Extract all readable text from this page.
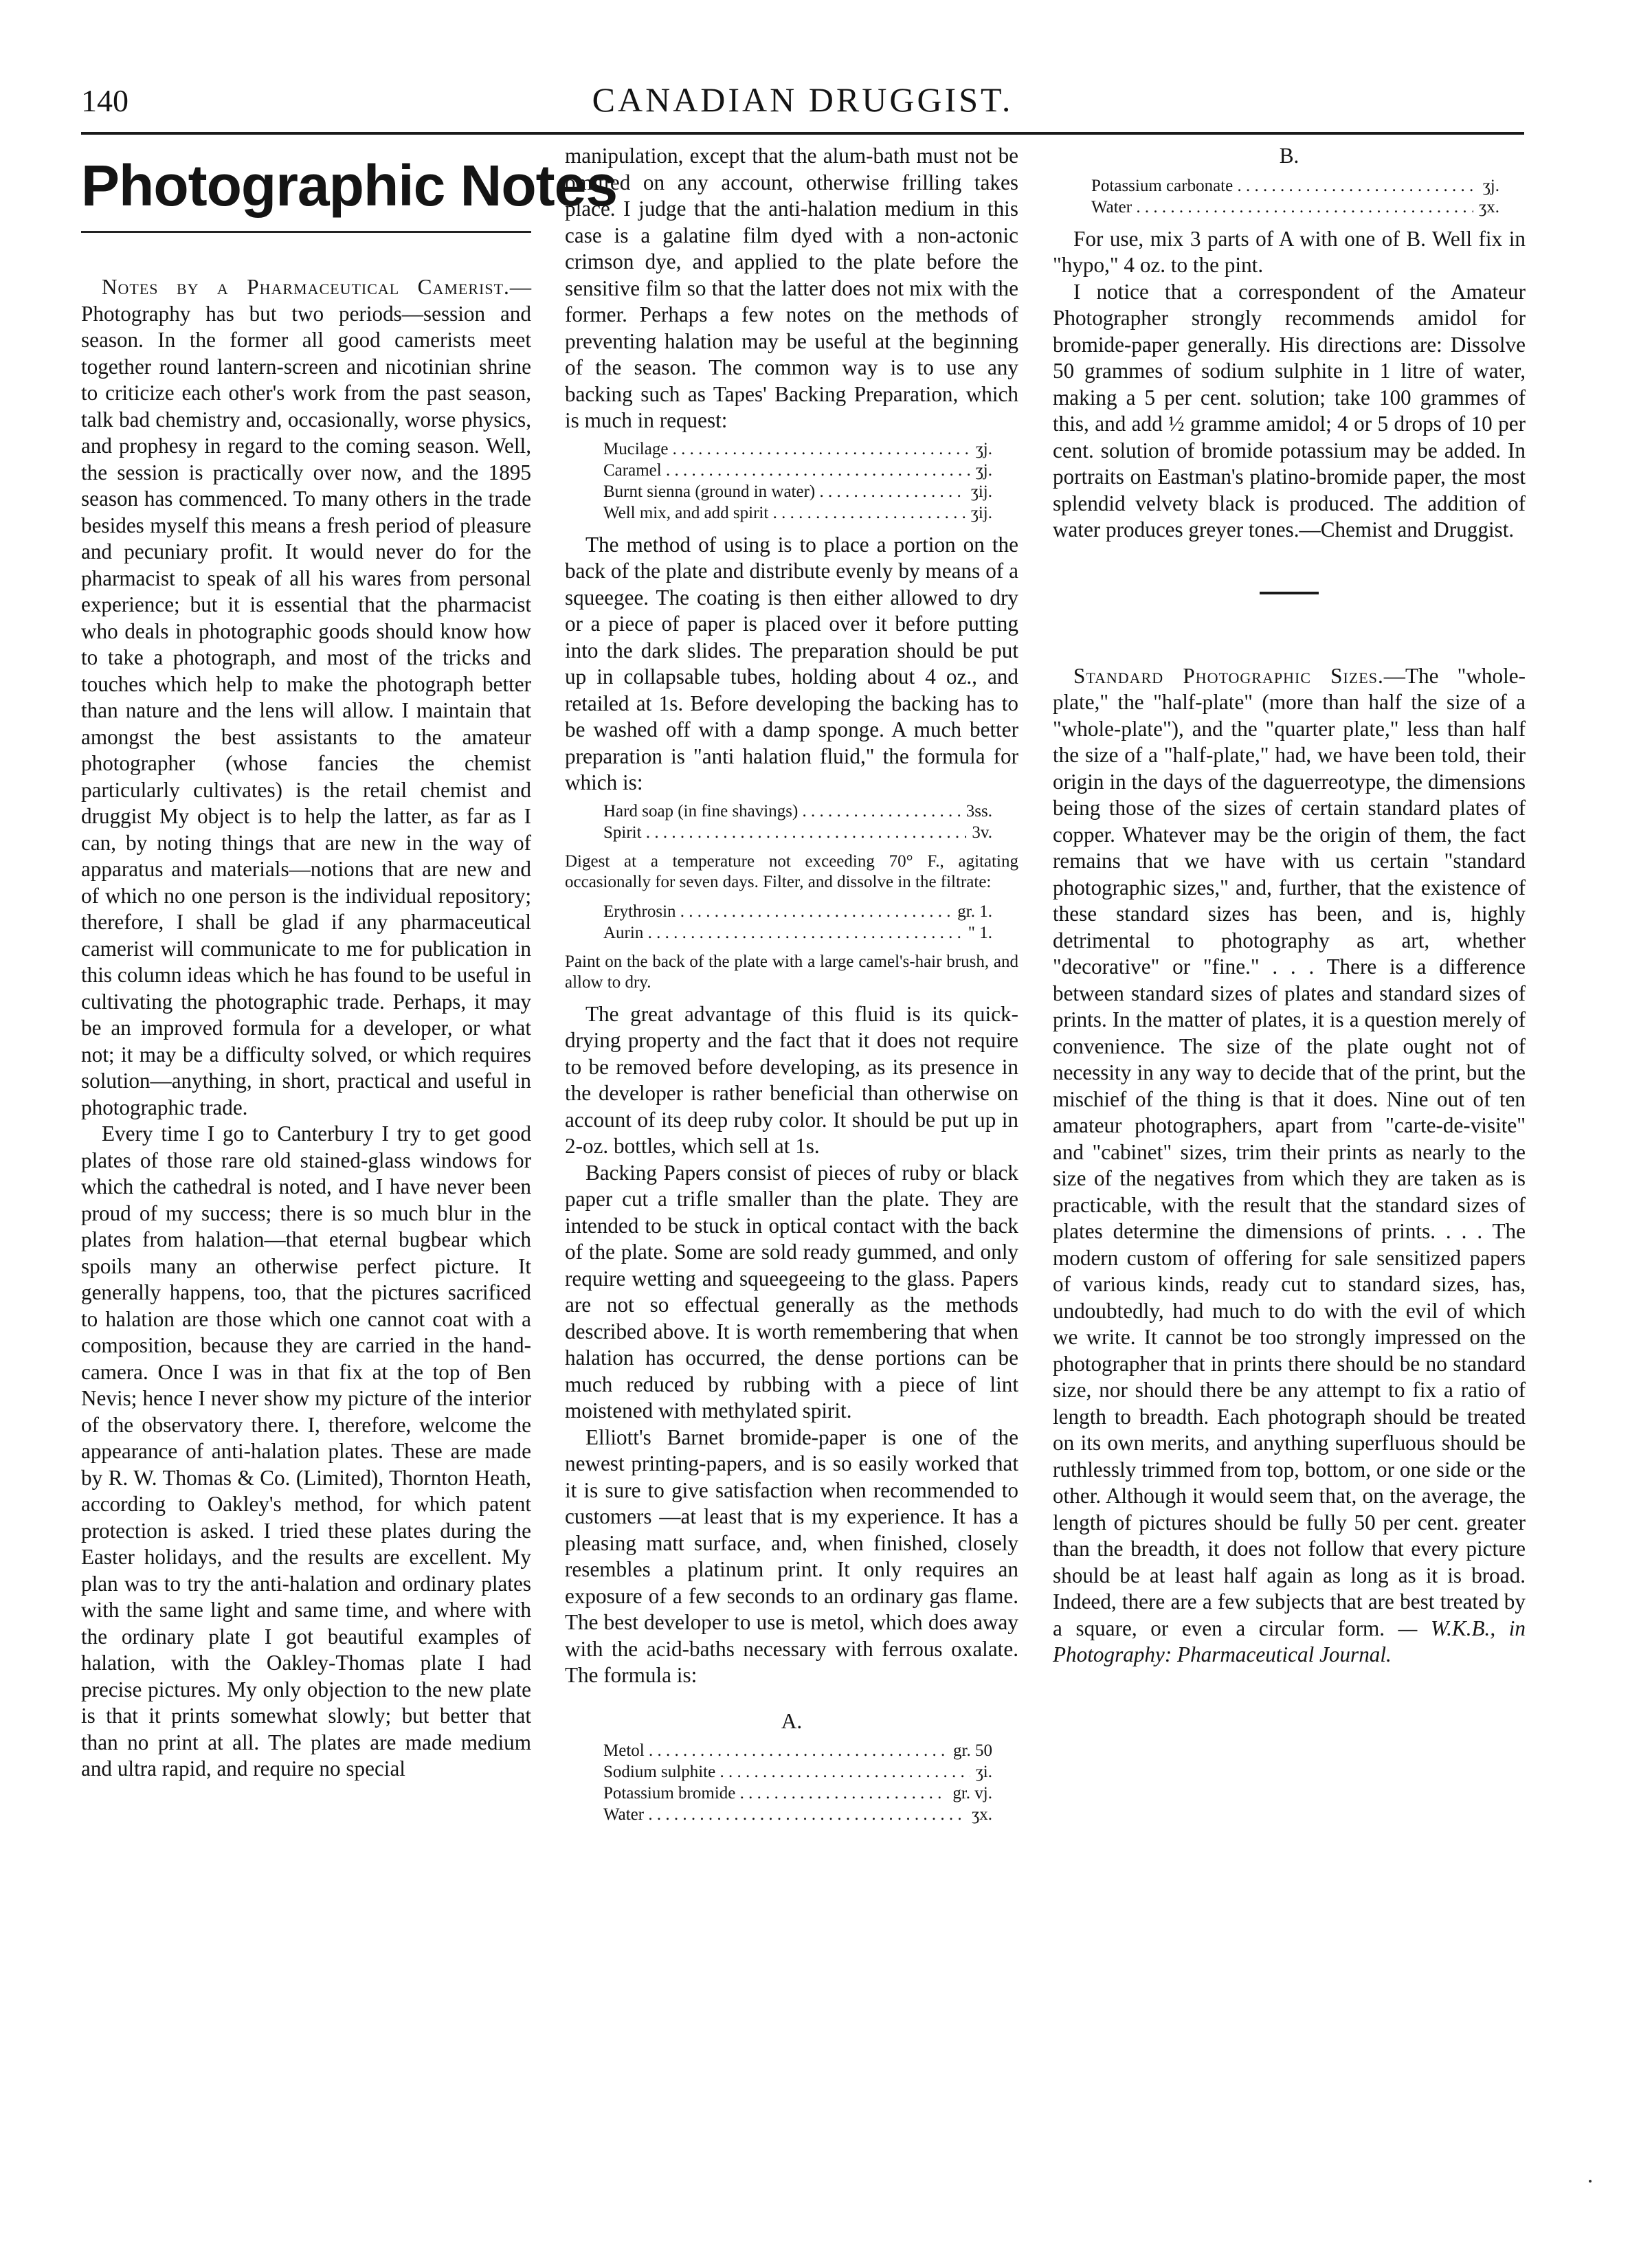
140	CANADIAN DRUGGIST.
Photographic Notes

Notes by a Pharmaceutical Camerist.—Photography has but two periods—session and season. In the former all good camerists meet together round lantern-screen and nicotinian shrine to criticize each other's work from the past season, talk bad chemistry and, occasionally, worse physics, and prophesy in regard to the coming season. Well, the session is practically over now, and the 1895 season has commenced. To many others in the trade besides myself this means a fresh period of pleasure and pecuniary profit. It would never do for the pharmacist to speak of all his wares from personal experience; but it is essential that the pharmacist who deals in photographic goods should know how to take a photograph, and most of the tricks and touches which help to make the photograph better than nature and the lens will allow. I maintain that amongst the best assistants to the amateur photographer (whose fancies the chemist particularly cultivates) is the retail chemist and druggist My object is to help the latter, as far as I can, by noting things that are new in the way of apparatus and materials—notions that are new and of which no one person is the individual repository; therefore, I shall be glad if any pharmaceutical camerist will communicate to me for publication in this column ideas which he has found to be useful in cultivating the photographic trade. Perhaps, it may be an improved formula for a developer, or what not; it may be a difficulty solved, or which requires solution—anything, in short, practical and useful in photographic trade.

Every time I go to Canterbury I try to get good plates of those rare old stained-glass windows for which the cathedral is noted, and I have never been proud of my success; there is so much blur in the plates from halation—that eternal bugbear which spoils many an otherwise perfect picture. It generally happens, too, that the pictures sacrificed to halation are those which one cannot coat with a composition, because they are carried in the hand-camera. Once I was in that fix at the top of Ben Nevis; hence I never show my picture of the interior of the observatory there. I, therefore, welcome the appearance of anti-halation plates. These are made by R. W. Thomas & Co. (Limited), Thornton Heath, according to Oakley's method, for which patent protection is asked. I tried these plates during the Easter holidays, and the results are excellent. My plan was to try the anti-halation and ordinary plates with the same light and same time, and where with the ordinary plate I got beautiful examples of halation, with the Oakley-Thomas plate I had precise pictures. My only objection to the new plate is that it prints somewhat slowly; but better that than no print at all. The plates are made medium and ultra rapid, and require no special

manipulation, except that the alum-bath must not be omitted on any account, otherwise frilling takes place. I judge that the anti-halation medium in this case is a galatine film dyed with a non-actonic crimson dye, and applied to the plate before the sensitive film so that the latter does not mix with the former. Perhaps a few notes on the methods of preventing halation may be useful at the beginning of the season. The common way is to use any backing such as Tapes' Backing Preparation, which is much in request:

Mucilage . . .	ʒj.
Caramel . . .	ʒj.
Burnt sienna (ground in water) . . .	ʒij.
Well mix, and add spirit . . .	ʒij.

The method of using is to place a portion on the back of the plate and distribute evenly by means of a squeegee. The coating is then either allowed to dry or a piece of paper is placed over it before putting into the dark slides. The preparation should be put up in collapsable tubes, holding about 4 oz., and retailed at 1s. Before developing the backing has to be washed off with a damp sponge. A much better preparation is "anti halation fluid," the formula for which is:

Hard soap (in fine shavings) . . .	3ss.
Spirit . . .	3v.

Digest at a temperature not exceeding 70° F., agitating occasionally for seven days. Filter, and dissolve in the filtrate:

Erythrosin . . .	gr. 1.
Aurin . . .	" 1.

Paint on the back of the plate with a large camel's-hair brush, and allow to dry.

The great advantage of this fluid is its quick-drying property and the fact that it does not require to be removed before developing, as its presence in the developer is rather beneficial than otherwise on account of its deep ruby color. It should be put up in 2-oz. bottles, which sell at 1s.

Backing Papers consist of pieces of ruby or black paper cut a trifle smaller than the plate. They are intended to be stuck in optical contact with the back of the plate. Some are sold ready gummed, and only require wetting and squeegeeing to the glass. Papers are not so effectual generally as the methods described above. It is worth remembering that when halation has occurred, the dense portions can be much reduced by rubbing with a piece of lint moistened with methylated spirit.

Elliott's Barnet bromide-paper is one of the newest printing-papers, and is so easily worked that it is sure to give satisfaction when recommended to customers —at least that is my experience. It has a pleasing matt surface, and, when finished, closely resembles a platinum print. It only requires an exposure of a few seconds to an ordinary gas flame. The best developer to use is metol, which does away with the acid-baths necessary with ferrous oxalate. The formula is:

A.
Metol . . .	gr. 50
Sodium sulphite . . .	ʒi.
Potassium bromide . . .	gr. vj.
Water . . .	ʒx.
B.
Potassium carbonate . . .	ʒj.
Water . . .	ʒx.

For use, mix 3 parts of A with one of B. Well fix in "hypo," 4 oz. to the pint.

I notice that a correspondent of the Amateur Photographer strongly recommends amidol for bromide-paper generally. His directions are: Dissolve 50 grammes of sodium sulphite in 1 litre of water, making a 5 per cent. solution; take 100 grammes of this, and add ½ gramme amidol; 4 or 5 drops of 10 per cent. solution of bromide potassium may be added. In portraits on Eastman's platino-bromide paper, the most splendid velvety black is produced. The addition of water produces greyer tones.—Chemist and Druggist.

Standard Photographic Sizes.—The "whole-plate," the "half-plate" (more than half the size of a "whole-plate"), and the "quarter plate," less than half the size of a "half-plate," had, we have been told, their origin in the days of the daguerreotype, the dimensions being those of the sizes of certain standard plates of copper. Whatever may be the origin of them, the fact remains that we have with us certain "standard photographic sizes," and, further, that the existence of these standard sizes has been, and is, highly detrimental to photography as art, whether "decorative" or "fine." . . . There is a difference between standard sizes of plates and standard sizes of prints. In the matter of plates, it is a question merely of convenience. The size of the plate ought not of necessity in any way to decide that of the print, but the mischief of the thing is that it does. Nine out of ten amateur photographers, apart from "carte-de-visite" and "cabinet" sizes, trim their prints as nearly to the size of the negatives from which they are taken as is practicable, with the result that the standard sizes of plates determine the dimensions of prints. . . . The modern custom of offering for sale sensitized papers of various kinds, ready cut to standard sizes, has, undoubtedly, had much to do with the evil of which we write. It cannot be too strongly impressed on the photographer that in prints there should be no standard size, nor should there be any attempt to fix a ratio of length to breadth. Each photograph should be treated on its own merits, and anything superfluous should be ruthlessly trimmed from top, bottom, or one side or the other. Although it would seem that, on the average, the length of pictures should be fully 50 per cent. greater than the breadth, it does not follow that every picture should be at least half again as long as it is broad. Indeed, there are a few subjects that are best treated by a square, or even a circular form. — W.K.B., in Photography: Pharmaceutical Journal.
